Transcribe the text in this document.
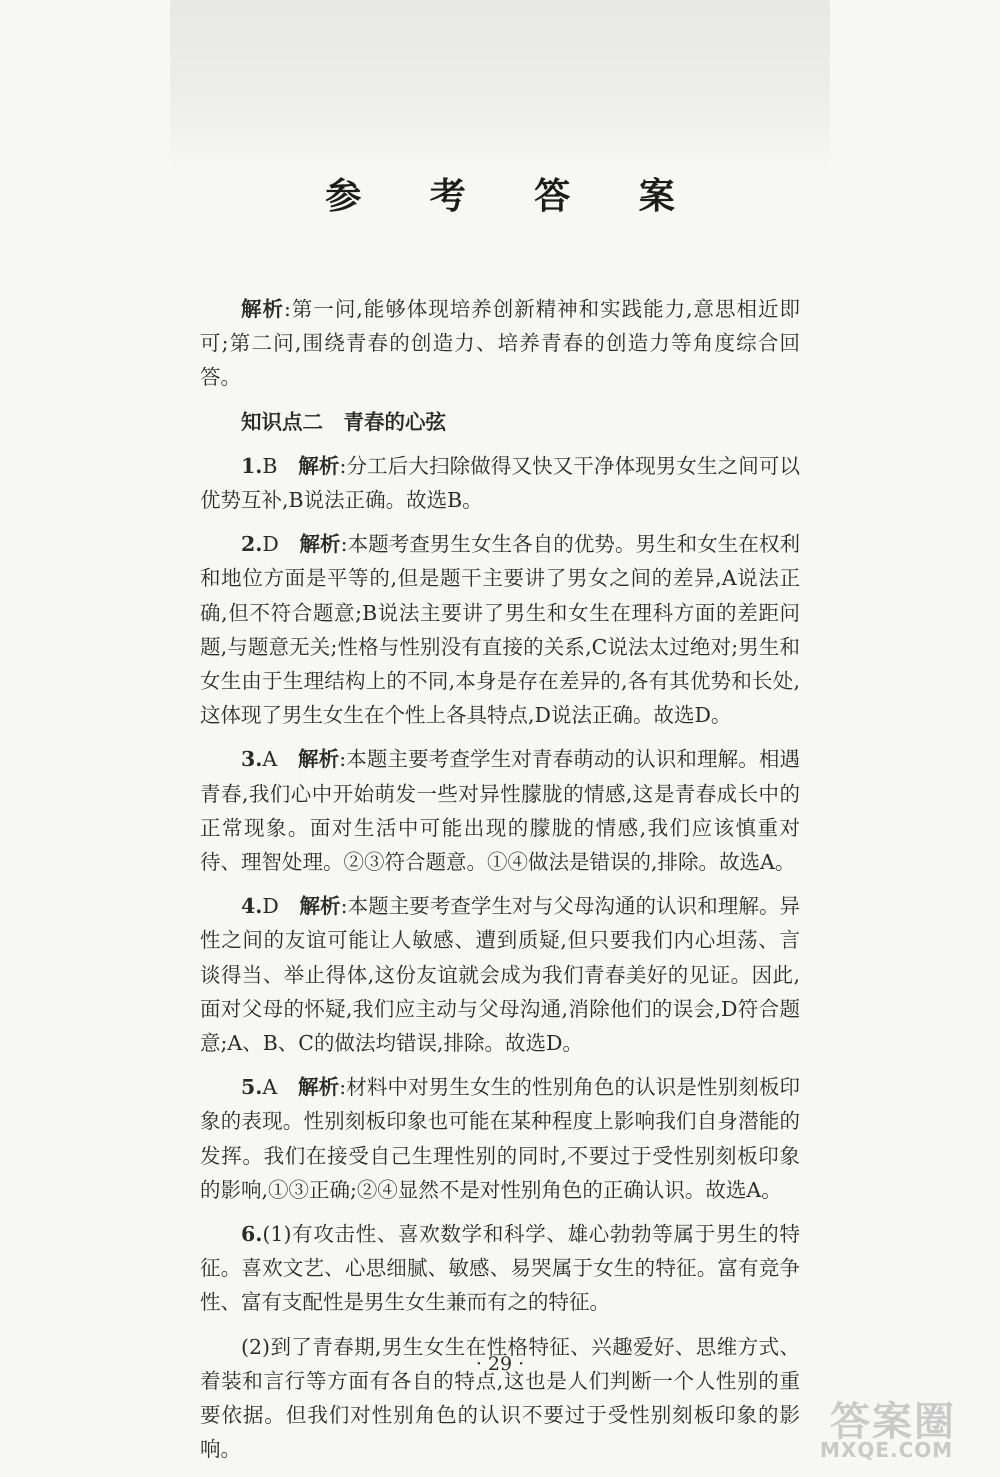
参 考 答 案

解析:第一问,能够体现培养创新精神和实践能力,意思相近即可;第二问,围绕青春的创造力、培养青春的创造力等角度综合回答。

知识点二　青春的心弦

1.B　 解析:分工后大扫除做得又快又干净体现男女生之间可以优势互补,B说法正确。故选B。

2.D　 解析:本题考查男生女生各自的优势。男生和女生在权利和地位方面是平等的,但是题干主要讲了男女之间的差异,A说法正确,但不符合题意;B说法主要讲了男生和女生在理科方面的差距问题,与题意无关;性格与性别没有直接的关系,C说法太过绝对;男生和女生由于生理结构上的不同,本身是存在差异的,各有其优势和长处,这体现了男生女生在个性上各具特点,D说法正确。故选D。

3.A　 解析:本题主要考查学生对青春萌动的认识和理解。相遇青春,我们心中开始萌发一些对异性朦胧的情感,这是青春成长中的正常现象。面对生活中可能出现的朦胧的情感,我们应该慎重对待、理智处理。②③符合题意。①④做法是错误的,排除。故选A。

4.D　 解析:本题主要考查学生对与父母沟通的认识和理解。异性之间的友谊可能让人敏感、遭到质疑,但只要我们内心坦荡、言谈得当、举止得体,这份友谊就会成为我们青春美好的见证。因此,面对父母的怀疑,我们应主动与父母沟通,消除他们的误会,D符合题意;A、B、C的做法均错误,排除。故选D。

5.A　 解析:材料中对男生女生的性别角色的认识是性别刻板印象的表现。性别刻板印象也可能在某种程度上影响我们自身潜能的发挥。我们在接受自己生理性别的同时,不要过于受性别刻板印象的影响,①③正确;②④显然不是对性别角色的正确认识。故选A。

6.(1)有攻击性、喜欢数学和科学、雄心勃勃等属于男生的特征。喜欢文艺、心思细腻、敏感、易哭属于女生的特征。富有竞争性、富有支配性是男生女生兼而有之的特征。

(2)到了青春期,男生女生在性格特征、兴趣爱好、思维方式、着装和言行等方面有各自的特点,这也是人们判断一个人性别的重要依据。但我们对性别角色的认识不要过于受性别刻板印象的影响。

· 29 ·
答案圈
MXQE.COM
